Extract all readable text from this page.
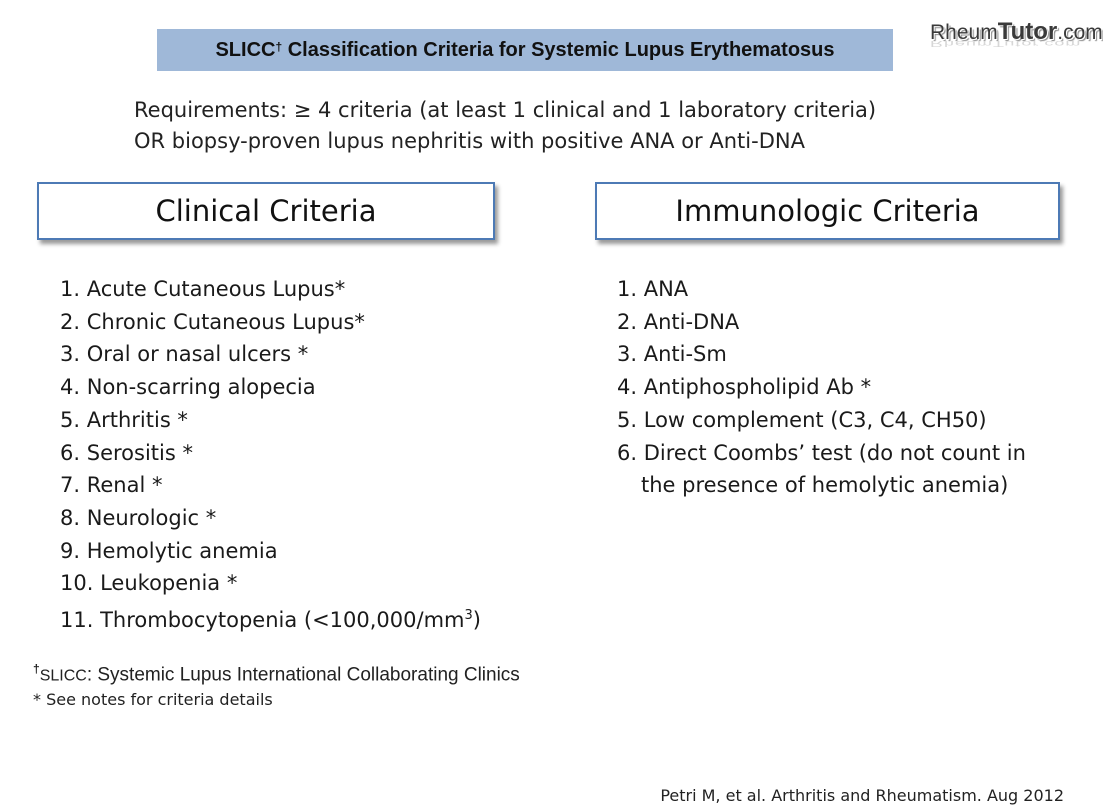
SLICC† Classification Criteria for Systemic Lupus Erythematosus
RheumTutor.com
RheumTutor.com
Requirements: ≥ 4 criteria (at least 1 clinical and 1 laboratory criteria)
OR biopsy-proven lupus nephritis with positive ANA or Anti-DNA
Clinical Criteria	Immunologic Criteria
1. Acute Cutaneous Lupus*
2. Chronic Cutaneous Lupus*
3. Oral or nasal ulcers *
4. Non-scarring alopecia
5. Arthritis *
6. Serositis *
7. Renal *
8. Neurologic *
9. Hemolytic anemia
10. Leukopenia *
11. Thrombocytopenia $(<100,000/mm^3)$
1. ANA
2. Anti-DNA
3. Anti-Sm
4. Antiphospholipid Ab *
5. Low complement (C3, C4, CH50)
6. Direct Coombs’ test (do not count in
the presence of hemolytic anemia)
†SLICC: Systemic Lupus International Collaborating Clinics
* See notes for criteria details
Petri M, et al. Arthritis and Rheumatism. Aug 2012
